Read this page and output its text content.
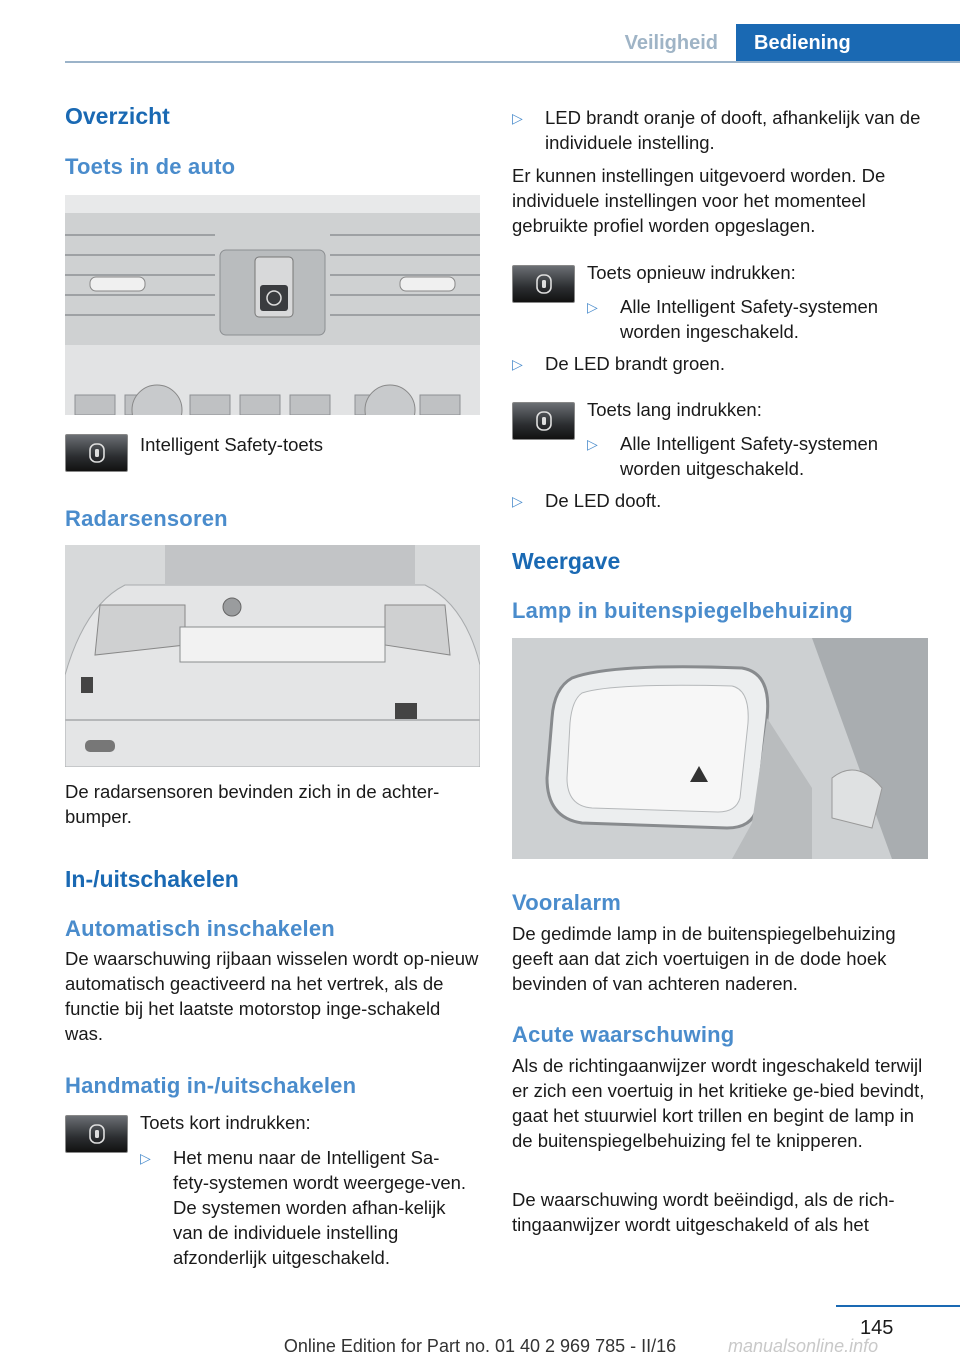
Veiligheid	Bediening
Overzicht
Toets in de auto
Intelligent Safety-toets
Radarsensoren

De radarsensoren bevinden zich in de achter‐bumper.

In-/uitschakelen
Automatisch inschakelen

De waarschuwing rijbaan wisselen wordt op‐nieuw automatisch geactiveerd na het vertrek, als de functie bij het laatste motorstop inge‐schakeld was.

Handmatig in-/uitschakelen
Toets kort indrukken:
▷	Het menu naar de Intelligent Sa‐fety-systemen wordt weergege‐ven. De systemen worden afhan‐kelijk van de individuele instelling afzonderlijk uitgeschakeld.
▷	LED brandt oranje of dooft, afhankelijk van de individuele instelling.

Er kunnen instellingen uitgevoerd worden. De individuele instellingen voor het momenteel gebruikte profiel worden opgeslagen.

Toets opnieuw indrukken:
▷	Alle Intelligent Safety-systemen worden ingeschakeld.
▷	De LED brandt groen.
Toets lang indrukken:
▷	Alle Intelligent Safety-systemen worden uitgeschakeld.
▷	De LED dooft.
Weergave
Lamp in buitenspiegelbehuizing
Vooralarm

De gedimde lamp in de buitenspiegelbehuizing geeft aan dat zich voertuigen in de dode hoek bevinden of van achteren naderen.

Acute waarschuwing

Als de richtingaanwijzer wordt ingeschakeld terwijl er zich een voertuig in het kritieke ge‐bied bevindt, gaat het stuurwiel kort trillen en begint de lamp in de buitenspiegelbehuizing fel te knipperen.

De waarschuwing wordt beëindigd, als de rich‐tingaanwijzer wordt uitgeschakeld of als het

145
Online Edition for Part no. 01 40 2 969 785 - II/16	manualsonline.info
